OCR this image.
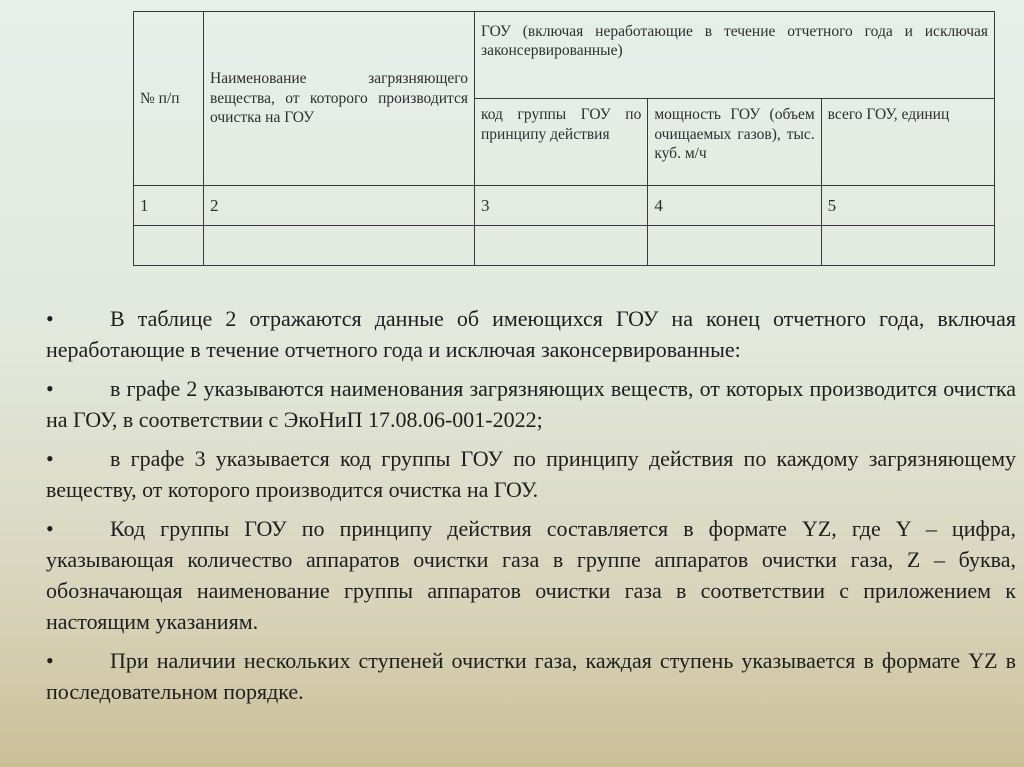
№ п/п	Наименование загрязняющего вещества, от которого производится очистка на ГОУ	ГОУ (включая неработающие в течение отчетного года и исключая законсервированные)		
		код группы ГОУ по принципу действия	мощность ГОУ (объем очищаемых газов), тыс. куб. м/ч	всего ГОУ, единиц
1	2	3	4	5

•	В таблице 2 отражаются данные об имеющихся ГОУ на конец отчетного года, включая неработающие в течение отчетного года и исключая законсервированные:
•	в графе 2 указываются наименования загрязняющих веществ, от которых производится очистка на ГОУ, в соответствии с ЭкоНиП 17.08.06-001-2022;
•	в графе 3 указывается код группы ГОУ по принципу действия по каждому загрязняющему веществу, от которого производится очистка на ГОУ.
•	Код группы ГОУ по принципу действия составляется в формате YZ, где Y – цифра, указывающая количество аппаратов очистки газа в группе аппаратов очистки газа, Z – буква, обозначающая наименование группы аппаратов очистки газа в соответствии с приложением к настоящим указаниям.
•	При наличии нескольких ступеней очистки газа, каждая ступень указывается в формате YZ в последовательном порядке.
